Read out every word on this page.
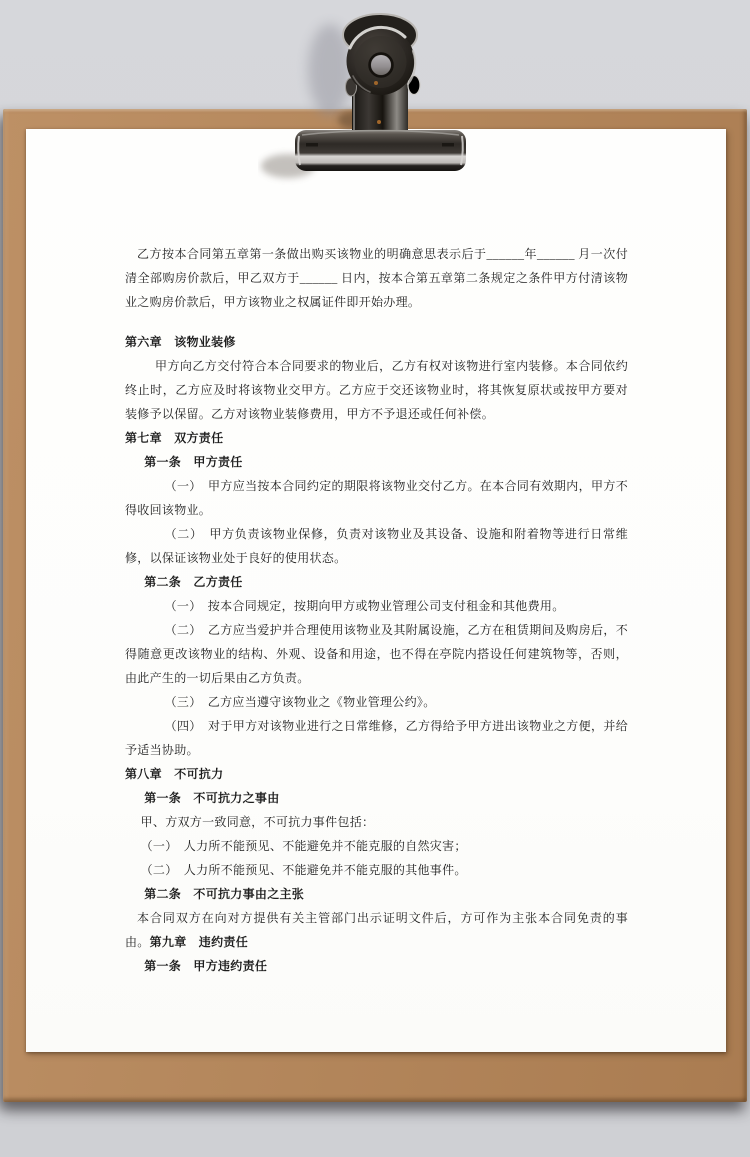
乙方按本合同第五章第一条做出购买该物业的明确意思表示后于______年______ 月一次付清全部购房价款后，甲乙双方于______ 日内，按本合第五章第二条规定之条件甲方付清该物业之购房价款后，甲方该物业之权属证件即开始办理。

第六章　该物业装修

甲方向乙方交付符合本合同要求的物业后，乙方有权对该物进行室内装修。本合同依约终止时，乙方应及时将该物业交甲方。乙方应于交还该物业时，将其恢复原状或按甲方要对装修予以保留。乙方对该物业装修费用，甲方不予退还或任何补偿。

第七章　双方责任

第一条　甲方责任

（一）　甲方应当按本合同约定的期限将该物业交付乙方。在本合同有效期内，甲方不得收回该物业。

（二）　甲方负责该物业保修，负责对该物业及其设备、设施和附着物等进行日常维修，以保证该物业处于良好的使用状态。

第二条　乙方责任

（一）　按本合同规定，按期向甲方或物业管理公司支付租金和其他费用。

（二）　乙方应当爱护并合理使用该物业及其附属设施，乙方在租赁期间及购房后，不得随意更改该物业的结构、外观、设备和用途，也不得在亭院内搭设任何建筑物等，否则，由此产生的一切后果由乙方负责。

（三）　乙方应当遵守该物业之《物业管理公约》。

（四）　对于甲方对该物业进行之日常维修，乙方得给予甲方进出该物业之方便，并给予适当协助。

第八章　不可抗力

第一条　不可抗力之事由

甲、方双方一致同意，不可抗力事件包括：

（一）　人力所不能预见、不能避免并不能克服的自然灾害；

（二）　人力所不能预见、不能避免并不能克服的其他事件。

第二条　不可抗力事由之主张

本合同双方在向对方提供有关主管部门出示证明文件后，方可作为主张本合同免责的事由。第九章　违约责任

第一条　甲方违约责任
